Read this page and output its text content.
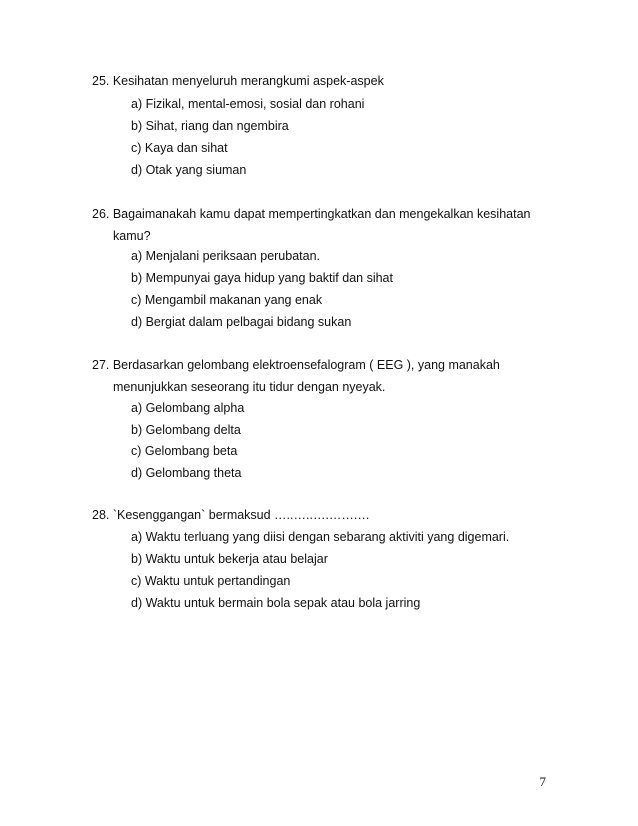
25. Kesihatan menyeluruh merangkumi aspek-aspek
a) Fizikal, mental-emosi, sosial dan rohani
b) Sihat, riang dan ngembira
c) Kaya dan sihat
d) Otak yang siuman
26. Bagaimanakah kamu dapat mempertingkatkan dan mengekalkan kesihatan
kamu?
a) Menjalani periksaan perubatan.
b) Mempunyai gaya hidup yang baktif dan sihat
c) Mengambil makanan yang enak
d) Bergiat dalam pelbagai bidang sukan
27. Berdasarkan gelombang elektroensefalogram ( EEG ), yang manakah
menunjukkan seseorang itu tidur dengan nyeyak.
a) Gelombang alpha
b) Gelombang delta
c) Gelombang beta
d) Gelombang theta
28. `Kesenggangan` bermaksud …..…..….…….…
a) Waktu terluang yang diisi dengan sebarang aktiviti yang digemari.
b) Waktu untuk bekerja atau belajar
c) Waktu untuk pertandingan
d) Waktu untuk bermain bola sepak atau bola jarring
7
